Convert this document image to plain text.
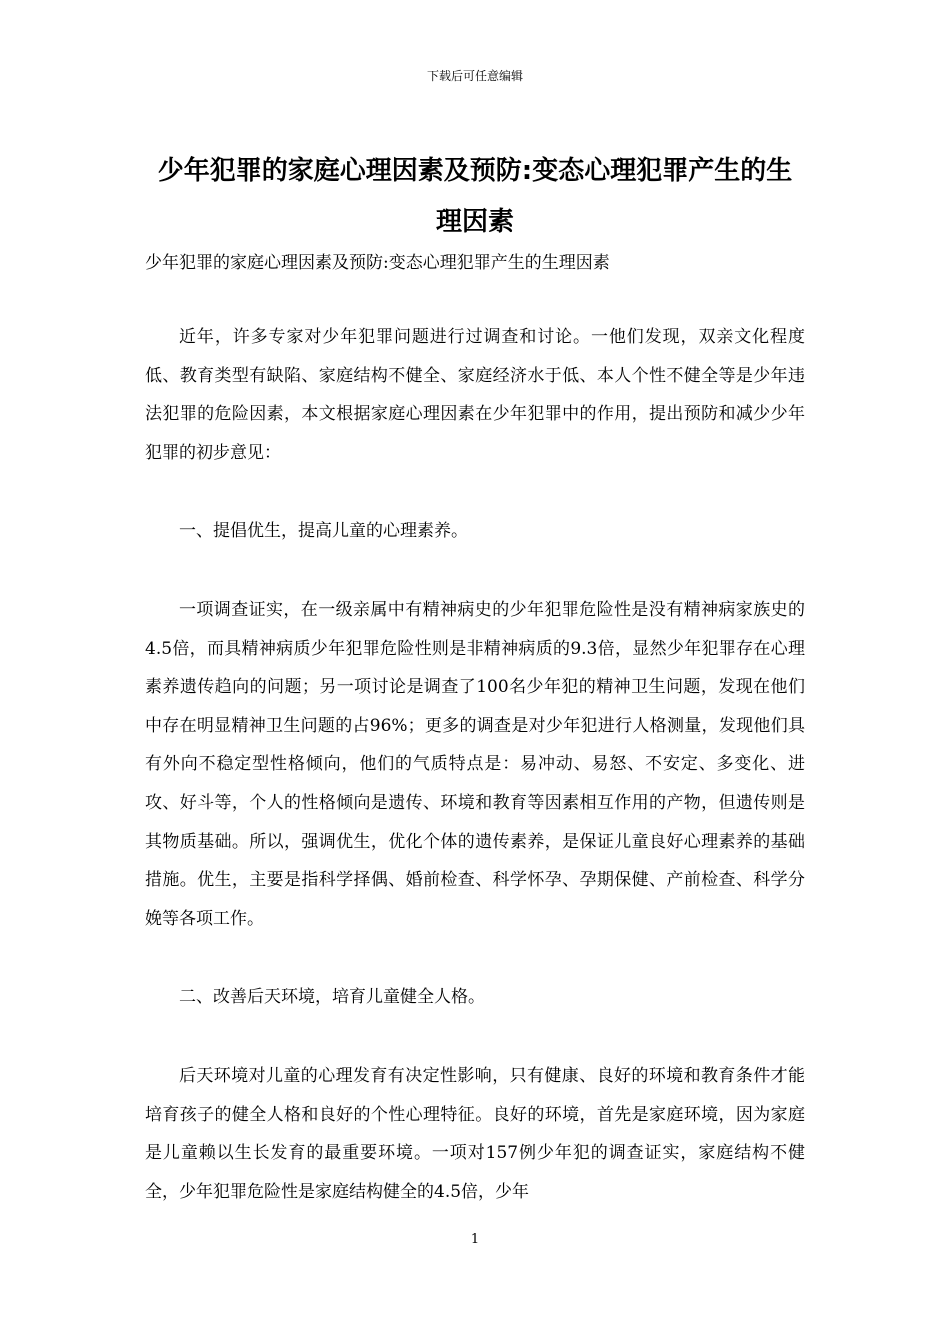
下载后可任意编辑
少年犯罪的家庭心理因素及预防:变态心理犯罪产生的生理因素

少年犯罪的家庭心理因素及预防:变态心理犯罪产生的生理因素

近年，许多专家对少年犯罪问题进行过调查和讨论。一他们发现，双亲文化程度低、教育类型有缺陷、家庭结构不健全、家庭经济水于低、本人个性不健全等是少年违法犯罪的危险因素，本文根据家庭心理因素在少年犯罪中的作用，提出预防和减少少年犯罪的初步意见：

一、提倡优生，提高儿童的心理素养。

一项调查证实，在一级亲属中有精神病史的少年犯罪危险性是没有精神病家族史的4.5倍，而具精神病质少年犯罪危险性则是非精神病质的9.3倍，显然少年犯罪存在心理素养遗传趋向的问题；另一项讨论是调查了100名少年犯的精神卫生问题，发现在他们中存在明显精神卫生问题的占96%；更多的调查是对少年犯进行人格测量，发现他们具有外向不稳定型性格倾向，他们的气质特点是：易冲动、易怒、不安定、多变化、进攻、好斗等，个人的性格倾向是遗传、环境和教育等因素相互作用的产物，但遗传则是其物质基础。所以，强调优生，优化个体的遗传素养，是保证儿童良好心理素养的基础措施。优生，主要是指科学择偶、婚前检查、科学怀孕、孕期保健、产前检查、科学分娩等各项工作。

二、改善后天环境，培育儿童健全人格。

后天环境对儿童的心理发育有决定性影响，只有健康、良好的环境和教育条件才能培育孩子的健全人格和良好的个性心理特征。良好的环境，首先是家庭环境，因为家庭是儿童赖以生长发育的最重要环境。一项对157例少年犯的调查证实，家庭结构不健全，少年犯罪危险性是家庭结构健全的4.5倍，少年

1
